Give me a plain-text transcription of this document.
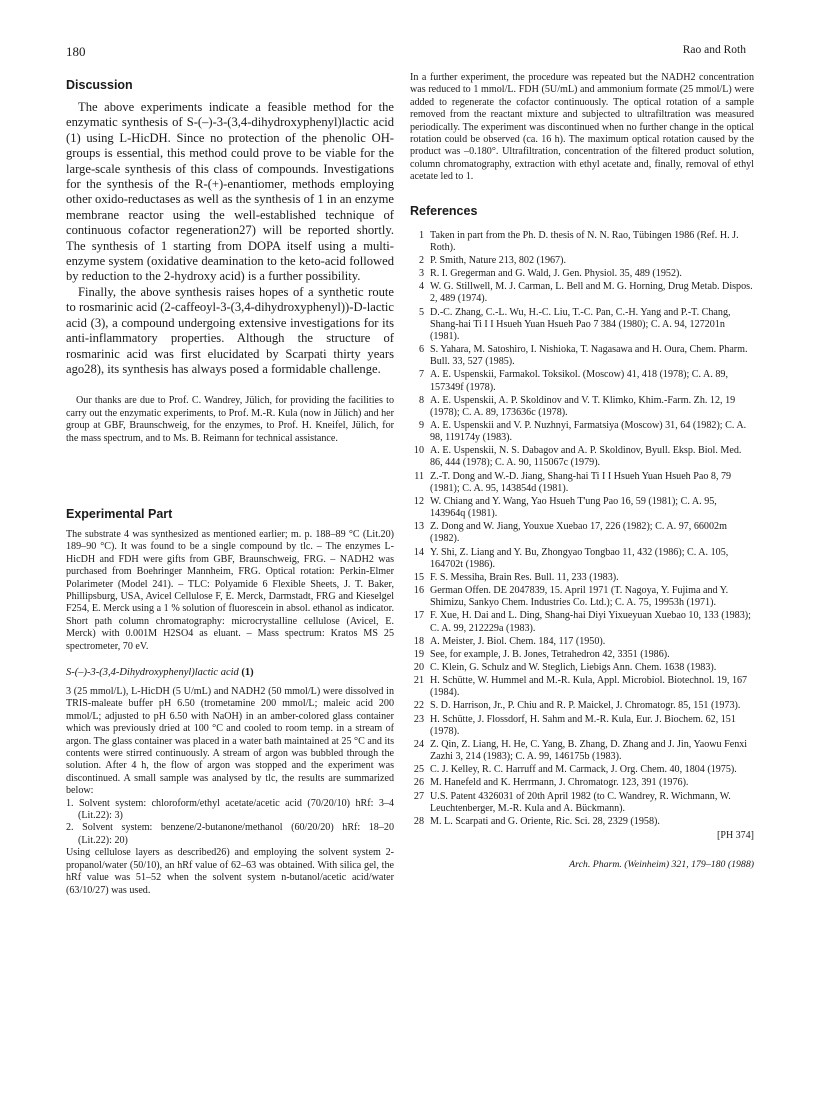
180	Rao and Roth
Discussion

The above experiments indicate a feasible method for the enzymatic synthesis of S-(–)-3-(3,4-dihydroxyphenyl)lactic acid (1) using L-HicDH. Since no protection of the phenolic OH-groups is essential, this method could prove to be viable for the large-scale synthesis of this class of compounds. Investigations for the synthesis of the R-(+)-enantiomer, methods employing other oxido-reductases as well as the synthesis of 1 in an enzyme membrane reactor using the well-established technique of continuous cofactor regeneration27) will be reported shortly. The synthesis of 1 starting from DOPA itself using a multi-enzyme system (oxidative deamination to the keto-acid followed by reduction to the 2-hydroxy acid) is a further possibility.

Finally, the above synthesis raises hopes of a synthetic route to rosmarinic acid (2-caffeoyl-3-(3,4-dihydroxyphenyl))-D-lactic acid (3), a compound undergoing extensive investigations for its anti-inflammatory properties. Although the structure of rosmarinic acid was first elucidated by Scarpati thirty years ago28), its synthesis has always posed a formidable challenge.

Our thanks are due to Prof. C. Wandrey, Jülich, for providing the facilities to carry out the enzymatic experiments, to Prof. M.-R. Kula (now in Jülich) and her group at GBF, Braunschweig, for the enzymes, to Prof. H. Kneifel, Jülich, for the mass spectrum, and to Ms. B. Reimann for technical assistance.

Experimental Part

The substrate 4 was synthesized as mentioned earlier; m. p. 188–89 °C (Lit.20) 189–90 °C). It was found to be a single compound by tlc. – The enzymes L-HicDH and FDH were gifts from GBF, Braunschweig, FRG. – NADH2 was purchased from Boehringer Mannheim, FRG. Optical rotation: Perkin-Elmer Polarimeter (Model 241). – TLC: Polyamide 6 Flexible Sheets, J. T. Baker, Phillipsburg, USA, Avicel Cellulose F, E. Merck, Darmstadt, FRG and Kieselgel F254, E. Merck using a 1 % solution of fluorescein in absol. ethanol as indicator. Short path column chromatography: microcrystalline cellulose (Avicel, E. Merck) with 0.001M H2SO4 as eluant. – Mass spectrum: Kratos MS 25 spectrometer, 70 eV.

S-(–)-3-(3,4-Dihydroxyphenyl)lactic acid (1)

3 (25 mmol/L), L-HicDH (5 U/mL) and NADH2 (50 mmol/L) were dissolved in TRIS-maleate buffer pH 6.50 (trometamine 200 mmol/L; maleic acid 200 mmol/L; adjusted to pH 6.50 with NaOH) in an amber-colored glass container which was previously dried at 100 °C and cooled to room temp. in a stream of argon. The glass container was placed in a water bath maintained at 25 °C and its contents were stirred continuously. A stream of argon was bubbled through the solution. After 4 h, the flow of argon was stopped and the experiment was discontinued. A small sample was analysed by tlc, the results are summarized below:

1. Solvent system: chloroform/ethyl acetate/acetic acid (70/20/10) hRf: 3–4 (Lit.22): 3)
2. Solvent system: benzene/2-butanone/methanol (60/20/20) hRf: 18–20 (Lit.22): 20)

Using cellulose layers as described26) and employing the solvent system 2-propanol/water (50/10), an hRf value of 62–63 was obtained. With silica gel, the hRf value was 51–52 when the solvent system n-butanol/acetic acid/water (63/10/27) was used.

In a further experiment, the procedure was repeated but the NADH2 concentration was reduced to 1 mmol/L. FDH (5U/mL) and ammonium formate (25 mmol/L) were added to regenerate the cofactor continuously. The optical rotation of a sample removed from the reactant mixture and subjected to ultrafiltration was measured periodically. The experiment was discontinued when no further change in the optical rotation could be observed (ca. 16 h). The maximum optical rotation caused by the product was –0.180°. Ultrafiltration, concentration of the filtered product solution, column chromatography, extraction with ethyl acetate and, finally, removal of ethyl acetate led to 1.

References
1 Taken in part from the Ph. D. thesis of N. N. Rao, Tübingen 1986 (Ref. H. J. Roth).
2 P. Smith, Nature 213, 802 (1967).
3 R. I. Gregerman and G. Wald, J. Gen. Physiol. 35, 489 (1952).
4 W. G. Stillwell, M. J. Carman, L. Bell and M. G. Horning, Drug Metab. Dispos. 2, 489 (1974).
5 D.-C. Zhang, C.-L. Wu, H.-C. Liu, T.-C. Pan, C.-H. Yang and P.-T. Chang, Shang-hai Ti I I Hsueh Yuan Hsueh Pao 7 384 (1980); C. A. 94, 127201n (1981).
6 S. Yahara, M. Satoshiro, I. Nishioka, T. Nagasawa and H. Oura, Chem. Pharm. Bull. 33, 527 (1985).
7 A. E. Uspenskii, Farmakol. Toksikol. (Moscow) 41, 418 (1978); C. A. 89, 157349f (1978).
8 A. E. Uspenskii, A. P. Skoldinov and V. T. Klimko, Khim.-Farm. Zh. 12, 19 (1978); C. A. 89, 173636c (1978).
9 A. E. Uspenskii and V. P. Nuzhnyi, Farmatsiya (Moscow) 31, 64 (1982); C. A. 98, 119174y (1983).
10 A. E. Uspenskii, N. S. Dabagov and A. P. Skoldinov, Byull. Eksp. Biol. Med. 86, 444 (1978); C. A. 90, 115067c (1979).
11 Z.-T. Dong and W.-D. Jiang, Shang-hai Ti I I Hsueh Yuan Hsueh Pao 8, 79 (1981); C. A. 95, 143854d (1981).
12 W. Chiang and Y. Wang, Yao Hsueh T'ung Pao 16, 59 (1981); C. A. 95, 143964q (1981).
13 Z. Dong and W. Jiang, Youxue Xuebao 17, 226 (1982); C. A. 97, 66002m (1982).
14 Y. Shi, Z. Liang and Y. Bu, Zhongyao Tongbao 11, 432 (1986); C. A. 105, 164702t (1986).
15 F. S. Messiha, Brain Res. Bull. 11, 233 (1983).
16 German Offen. DE 2047839, 15. April 1971 (T. Nagoya, Y. Fujima and Y. Shimizu, Sankyo Chem. Industries Co. Ltd.); C. A. 75, 19953h (1971).
17 F. Xue, H. Dai and L. Ding, Shang-hai Diyi Yixueyuan Xuebao 10, 133 (1983); C. A. 99, 212229a (1983).
18 A. Meister, J. Biol. Chem. 184, 117 (1950).
19 See, for example, J. B. Jones, Tetrahedron 42, 3351 (1986).
20 C. Klein, G. Schulz and W. Steglich, Liebigs Ann. Chem. 1638 (1983).
21 H. Schütte, W. Hummel and M.-R. Kula, Appl. Microbiol. Biotechnol. 19, 167 (1984).
22 S. D. Harrison, Jr., P. Chiu and R. P. Maickel, J. Chromatogr. 85, 151 (1973).
23 H. Schütte, J. Flossdorf, H. Sahm and M.-R. Kula, Eur. J. Biochem. 62, 151 (1978).
24 Z. Qin, Z. Liang, H. He, C. Yang, B. Zhang, D. Zhang and J. Jin, Yaowu Fenxi Zazhi 3, 214 (1983); C. A. 99, 146175b (1983).
25 C. J. Kelley, R. C. Harruff and M. Carmack, J. Org. Chem. 40, 1804 (1975).
26 M. Hanefeld and K. Herrmann, J. Chromatogr. 123, 391 (1976).
27 U.S. Patent 4326031 of 20th April 1982 (to C. Wandrey, R. Wichmann, W. Leuchtenberger, M.-R. Kula and A. Bückmann).
28 M. L. Scarpati and G. Oriente, Ric. Sci. 28, 2329 (1958).
[PH 374]
Arch. Pharm. (Weinheim) 321, 179–180 (1988)
